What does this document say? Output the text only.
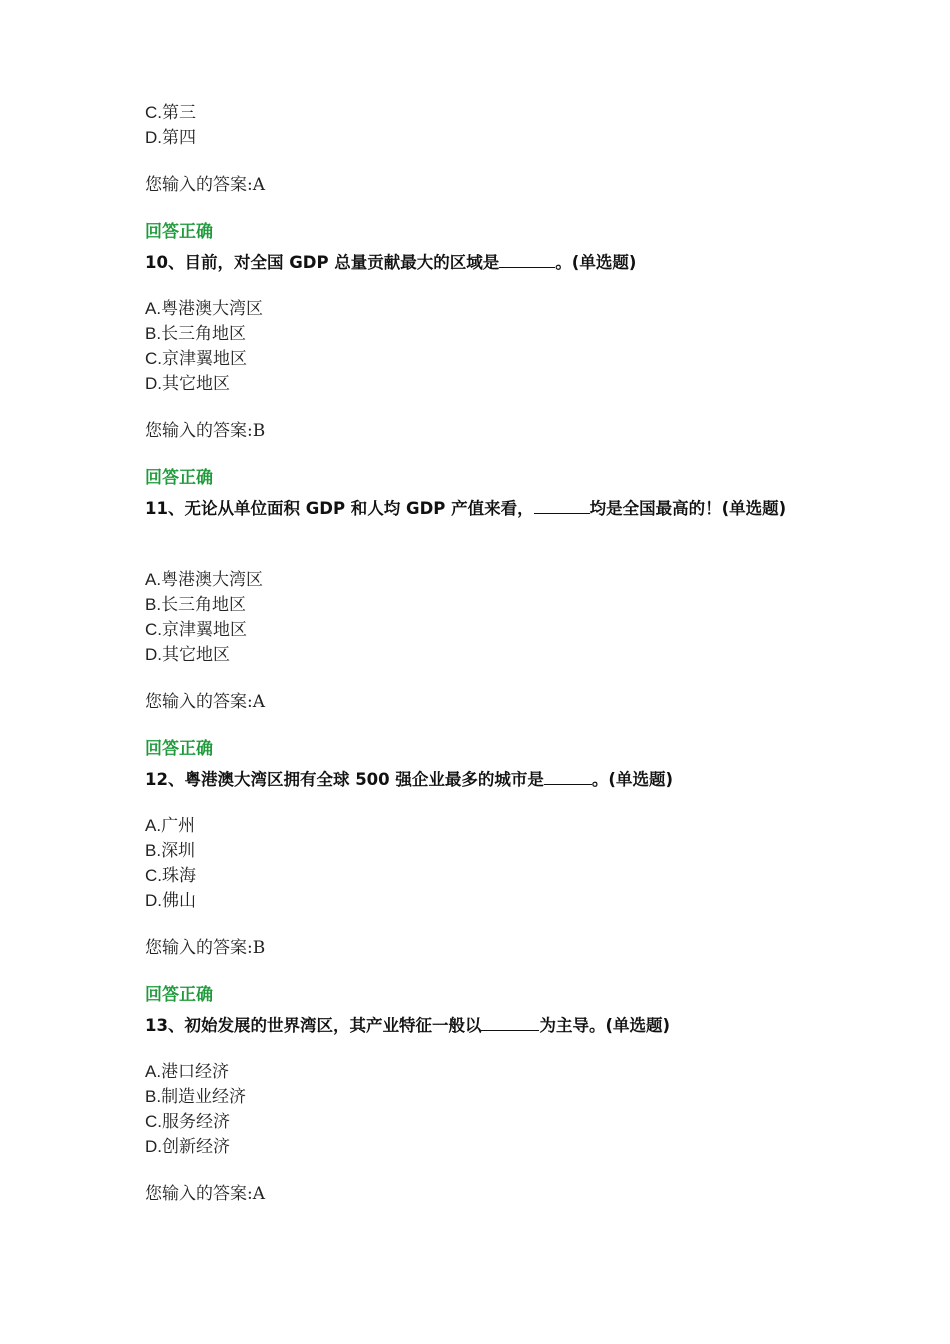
C.第三
D.第四
您输入的答案:A
回答正确
10、目前，对全国 GDP 总量贡献最大的区域是	。(单选题)
A.粤港澳大湾区
B.长三角地区
C.京津翼地区
D.其它地区
您输入的答案:B
回答正确
11、无论从单位面积 GDP 和人均 GDP 产值来看，	均是全国最高的！(单选题)
A.粤港澳大湾区
B.长三角地区
C.京津翼地区
D.其它地区
您输入的答案:A
回答正确
12、粤港澳大湾区拥有全球 500 强企业最多的城市是	。(单选题)
A.广州
B.深圳
C.珠海
D.佛山
您输入的答案:B
回答正确
13、初始发展的世界湾区，其产业特征一般以	为主导。(单选题)
A.港口经济
B.制造业经济
C.服务经济
D.创新经济
您输入的答案:A
